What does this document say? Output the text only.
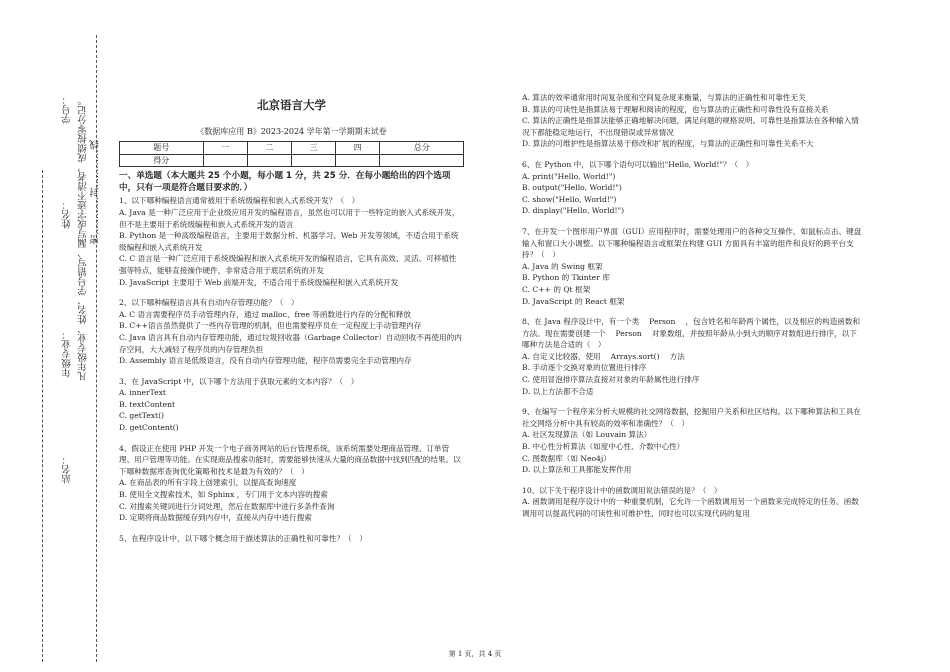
学号：
姓名：
年级专业：
站名：
凡年级专业、姓名、学号错写、漏写或字迹不清者，成绩按零分记。 密…………封…………线
北京语言大学
《数据库应用 B》2023-2024 学年第一学期期末试卷
题号	一	二	三	四	总分
得分					
一、单选题（本大题共 25 个小题，每小题 1 分，共 25 分．在每小题给出的四个选项中，只有一项是符合题目要求的．）
1、以下哪种编程语言通常被用于系统级编程和嵌入式系统开发？（　）
A. Java 是一种广泛应用于企业级应用开发的编程语言，虽然也可以用于一些特定的嵌入式系统开发，但不是主要用于系统级编程和嵌入式系统开发的语言
B. Python 是一种高级编程语言，主要用于数据分析、机器学习、Web 开发等领域，不适合用于系统级编程和嵌入式系统开发
C. C 语言是一种广泛应用于系统级编程和嵌入式系统开发的编程语言，它具有高效、灵活、可移植性强等特点，能够直接操作硬件，非常适合用于底层系统的开发
D. JavaScript 主要用于 Web 前端开发，不适合用于系统级编程和嵌入式系统开发
2、以下哪种编程语言具有自动内存管理功能？（　）
A. C 语言需要程序员手动管理内存，通过 malloc、free 等函数进行内存的分配和释放
B. C++语言虽然提供了一些内存管理的机制，但也需要程序员在一定程度上手动管理内存
C. Java 语言具有自动内存管理功能，通过垃圾回收器（Garbage Collector）自动回收不再使用的内存空间，大大减轻了程序员的内存管理负担
D. Assembly 语言是低级语言，没有自动内存管理功能，程序员需要完全手动管理内存
3、在 JavaScript 中，以下哪个方法用于获取元素的文本内容？（　）
A. innerText
B. textContent
C. getText()
D. getContent()
4、假设正在使用 PHP 开发一个电子商务网站的后台管理系统，该系统需要处理商品管理、订单管理、用户管理等功能。在实现商品搜索功能时，需要能够快速从大量的商品数据中找到匹配的结果。以下哪种数据库查询优化策略和技术是最为有效的？（　）
A. 在商品表的所有字段上创建索引，以提高查询速度
B. 使用全文搜索技术，如 Sphinx ，专门用于文本内容的搜索
C. 对搜索关键词进行分词处理，然后在数据库中进行多条件查询
D. 定期将商品数据缓存到内存中，直接从内存中进行搜索
5、在程序设计中，以下哪个概念用于描述算法的正确性和可靠性？（　）
A. 算法的效率通常用时间复杂度和空间复杂度来衡量，与算法的正确性和可靠性无关
B. 算法的可读性是指算法易于理解和阅读的程度，也与算法的正确性和可靠性没有直接关系
C. 算法的正确性是指算法能够正确地解决问题，满足问题的规格说明。可靠性是指算法在各种输入情况下都能稳定地运行，不出现错误或异常情况
D. 算法的可维护性是指算法易于修改和扩展的程度，与算法的正确性和可靠性关系不大
6、在 Python 中，以下哪个语句可以输出"Hello, World!"？（　）
A. print("Hello, World!")
B. output("Hello, World!")
C. show("Hello, World!")
D. display("Hello, World!")
7、在开发一个图形用户界面（GUI）应用程序时，需要处理用户的各种交互操作，如鼠标点击、键盘输入和窗口大小调整。以下哪种编程语言或框架在构建 GUI 方面具有丰富的组件和良好的跨平台支持？（　）
A. Java 的 Swing 框架
B. Python 的 Tkinter 库
C. C++ 的 Qt 框架
D. JavaScript 的 React 框架
8、在 Java 程序设计中，有一个类　 Person　 ，包含姓名和年龄两个属性，以及相应的构造函数和方法。现在需要创建一个　 Person　 对象数组，并按照年龄从小到大的顺序对数组进行排序，以下哪种方法是合适的（　）
A. 自定义比较器，使用　 Arrays.sort()　 方法
B. 手动逐个交换对象的位置进行排序
C. 使用冒泡排序算法直接对对象的年龄属性进行排序
D. 以上方法都不合适
9、在编写一个程序来分析大规模的社交网络数据，挖掘用户关系和社区结构。以下哪种算法和工具在社交网络分析中具有较高的效率和准确性？（　）
A. 社区发现算法（如 Louvain 算法）
B. 中心性分析算法（如度中心性、介数中心性）
C. 图数据库（如 Neo4j）
D. 以上算法和工具都能发挥作用
10、以下关于程序设计中的函数调用说法错误的是？（　）
A. 函数调用是程序设计中的一种重要机制，它允许一个函数调用另一个函数来完成特定的任务。函数调用可以提高代码的可读性和可维护性，同时也可以实现代码的复用
第 1 页，共 4 页
